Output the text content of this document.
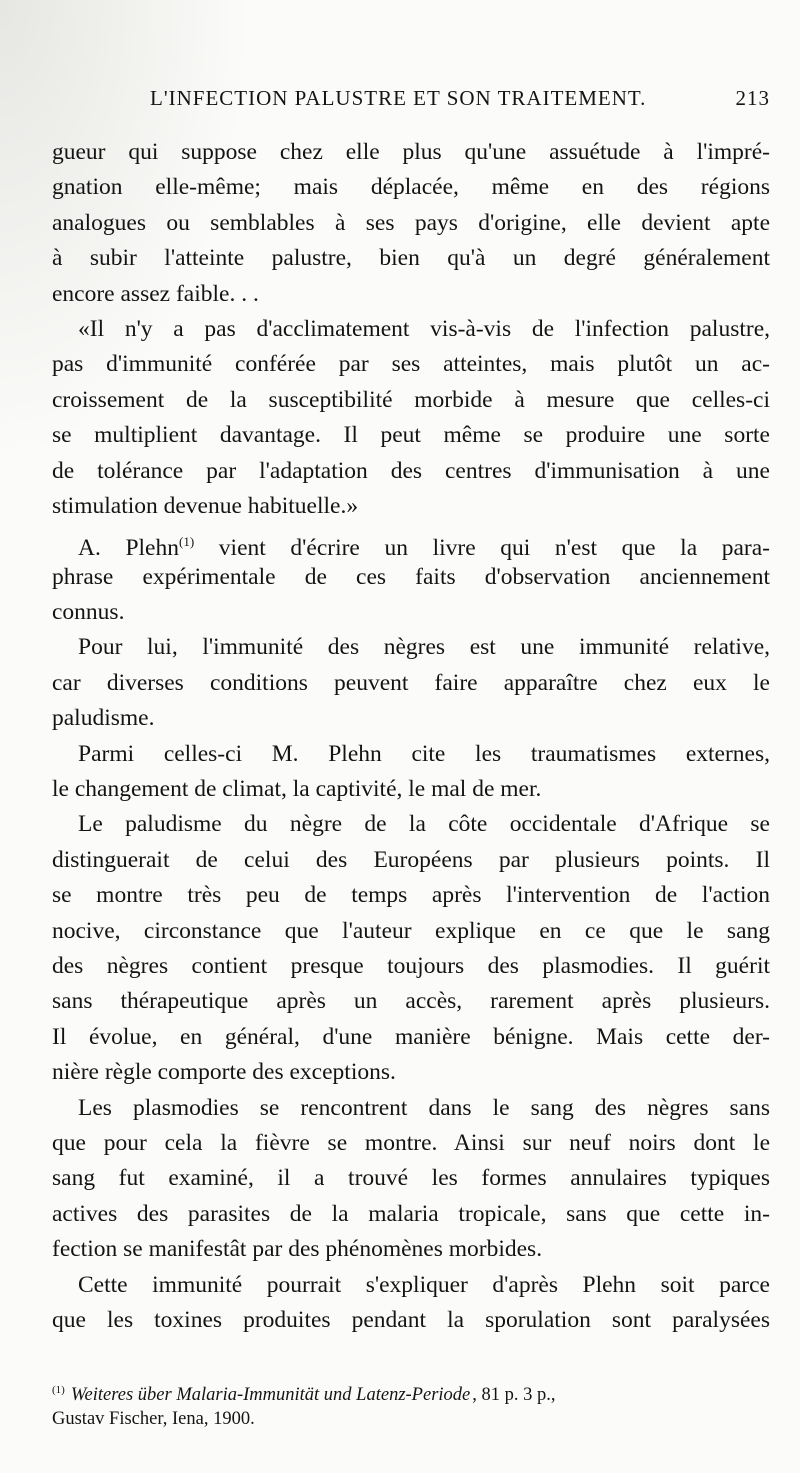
L'INFECTION PALUSTRE ET SON TRAITEMENT.	213
gueur qui suppose chez elle plus qu'une assuétude à l'impré-
gnation elle-même; mais déplacée, même en des régions
analogues ou semblables à ses pays d'origine, elle devient apte
à subir l'atteinte palustre, bien qu'à un degré généralement
encore assez faible. . .
«Il n'y a pas d'acclimatement vis-à-vis de l'infection palustre,
pas d'immunité conférée par ses atteintes, mais plutôt un ac-
croissement de la susceptibilité morbide à mesure que celles-ci
se multiplient davantage. Il peut même se produire une sorte
de tolérance par l'adaptation des centres d'immunisation à une
stimulation devenue habituelle.»
A. Plehn$^{(1)}$ vient d'écrire un livre qui n'est que la para-
phrase expérimentale de ces faits d'observation anciennement
connus.
Pour lui, l'immunité des nègres est une immunité relative,
car diverses conditions peuvent faire apparaître chez eux le
paludisme.
Parmi celles-ci M. Plehn cite les traumatismes externes,
le changement de climat, la captivité, le mal de mer.
Le paludisme du nègre de la côte occidentale d'Afrique se
distinguerait de celui des Européens par plusieurs points. Il
se montre très peu de temps après l'intervention de l'action
nocive, circonstance que l'auteur explique en ce que le sang
des nègres contient presque toujours des plasmodies. Il guérit
sans thérapeutique après un accès, rarement après plusieurs.
Il évolue, en général, d'une manière bénigne. Mais cette der-
nière règle comporte des exceptions.
Les plasmodies se rencontrent dans le sang des nègres sans
que pour cela la fièvre se montre. Ainsi sur neuf noirs dont le
sang fut examiné, il a trouvé les formes annulaires typiques
actives des parasites de la malaria tropicale, sans que cette in-
fection se manifestât par des phénomènes morbides.
Cette immunité pourrait s'expliquer d'après Plehn soit parce
que les toxines produites pendant la sporulation sont paralysées
$^{(1)}$ Weiteres über Malaria-Immunität und Latenz-Periode , 81 p. 3 p.,
Gustav Fischer, Iena, 1900.
